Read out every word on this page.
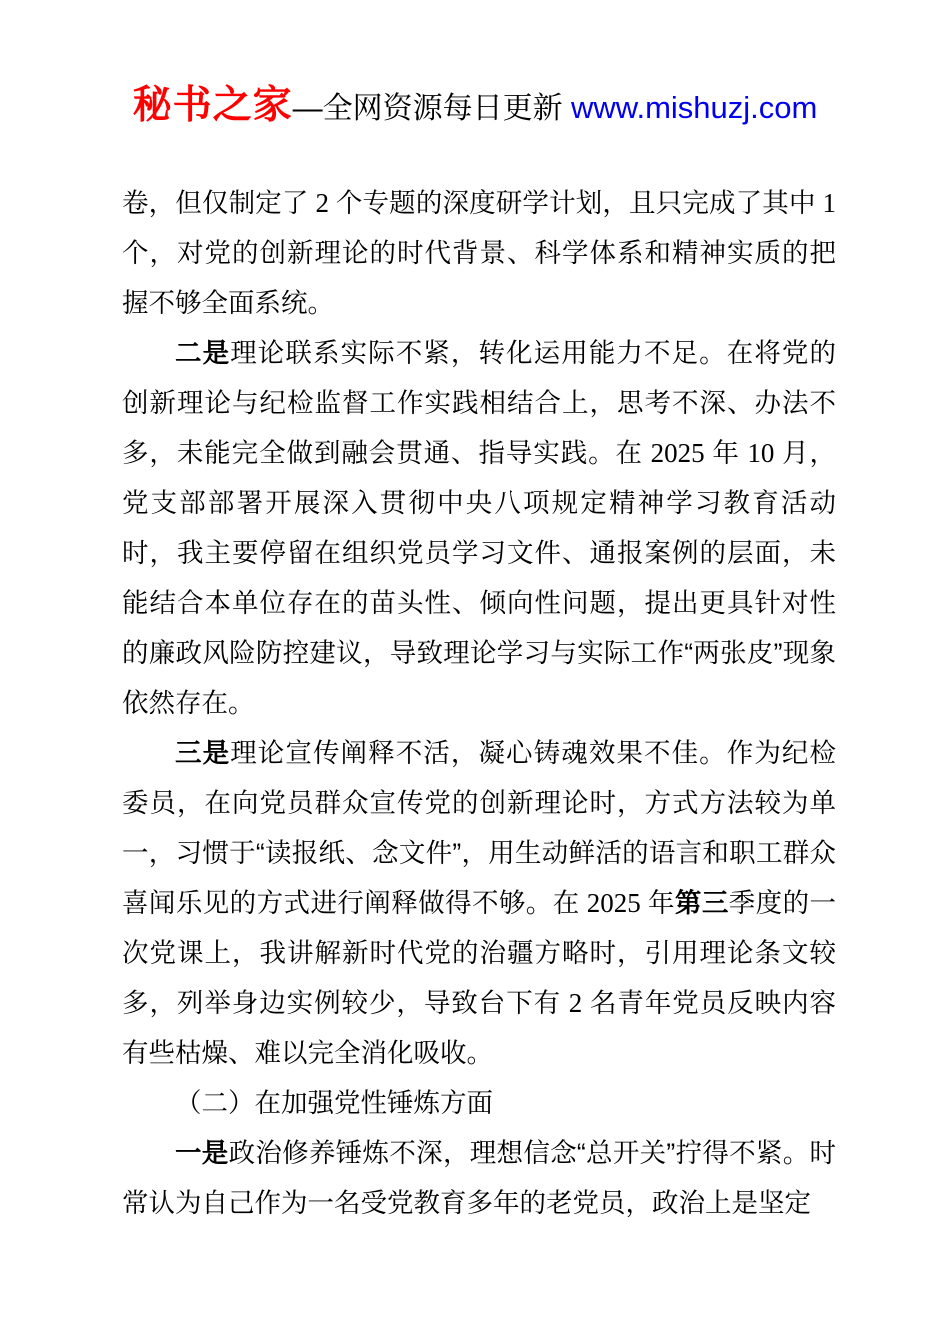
秘书之家—全网资源每日更新 www.mishuzj.com

卷，但仅制定了 2 个专题的深度研学计划，且只完成了其中 1 个，对党的创新理论的时代背景、科学体系和精神实质的把握不够全面系统。

二是理论联系实际不紧，转化运用能力不足。在将党的创新理论与纪检监督工作实践相结合上，思考不深、办法不多，未能完全做到融会贯通、指导实践。在 2025 年 10 月，党支部部署开展深入贯彻中央八项规定精神学习教育活动时，我主要停留在组织党员学习文件、通报案例的层面，未能结合本单位存在的苗头性、倾向性问题，提出更具针对性的廉政风险防控建议，导致理论学习与实际工作“两张皮”现象依然存在。

三是理论宣传阐释不活，凝心铸魂效果不佳。作为纪检委员，在向党员群众宣传党的创新理论时，方式方法较为单一，习惯于“读报纸、念文件”，用生动鲜活的语言和职工群众喜闻乐见的方式进行阐释做得不够。在 2025 年第三季度的一次党课上，我讲解新时代党的治疆方略时，引用理论条文较多，列举身边实例较少，导致台下有 2 名青年党员反映内容有些枯燥、难以完全消化吸收。

（二）在加强党性锤炼方面

一是政治修养锤炼不深，理想信念“总开关”拧得不紧。时常认为自己作为一名受党教育多年的老党员，政治上是坚定
